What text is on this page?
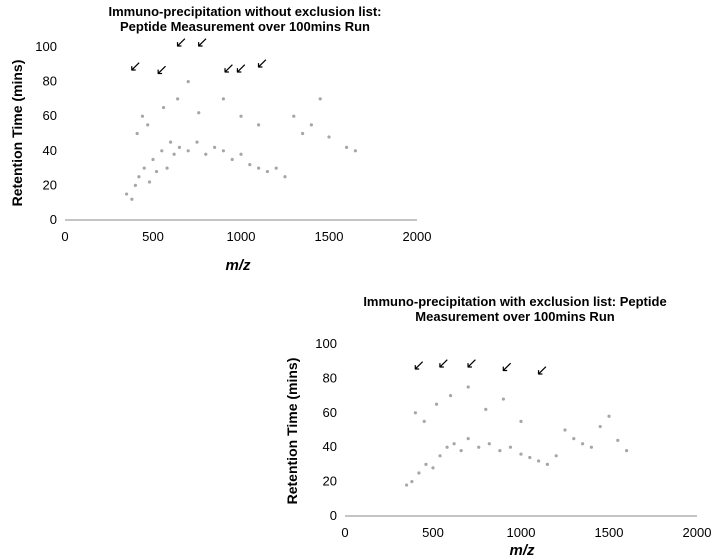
Immuno-precipitation without exclusion list:
Peptide Measurement over 100mins Run
Retention Time (mins)
m/z
0
20
40
60
80
100
0	500	1000	1500	2000
↙ ↙
↙ ↙
↙ ↙ ↙
Immuno-precipitation with exclusion list: Peptide
Measurement over 100mins Run
Retention Time (mins)
m/z
0
20
40
60
80
100
0	500	1000	1500	2000
↙ ↙ ↙ ↙ ↙
